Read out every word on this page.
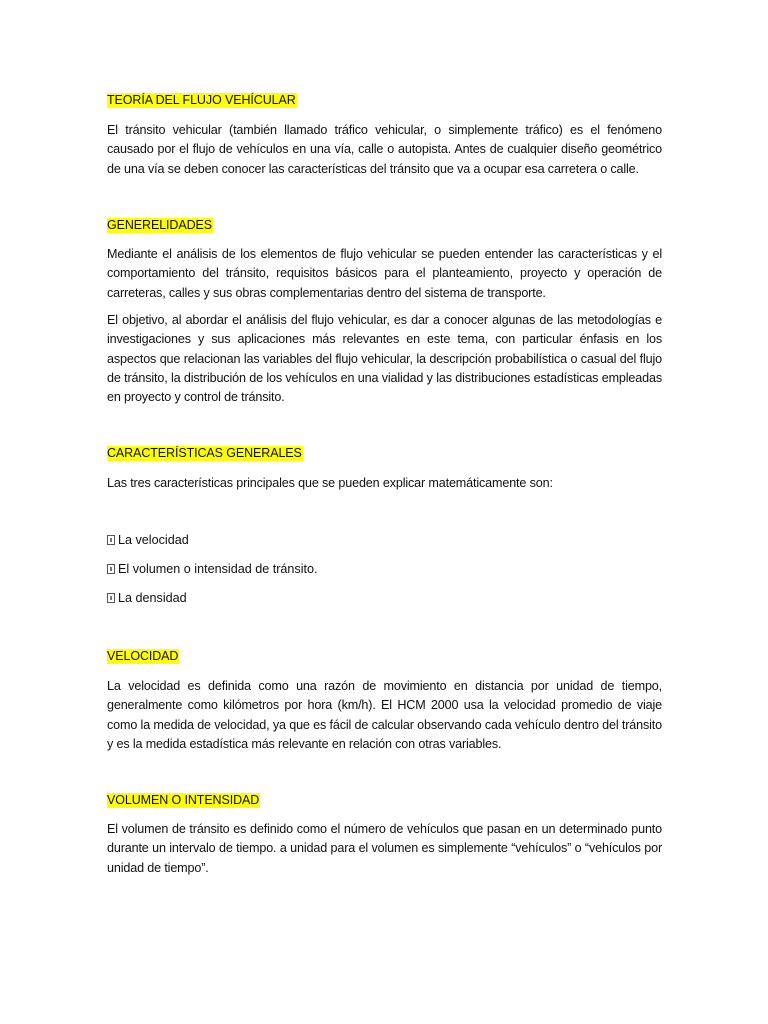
TEORÍA DEL FLUJO VEHÍCULAR

El tránsito vehicular (también llamado tráfico vehicular, o simplemente tráfico) es el fenómeno causado por el flujo de vehículos en una vía, calle o autopista. Antes de cualquier diseño geométrico de una vía se deben conocer las características del tránsito que va a ocupar esa carretera o calle.

GENERELIDADES

Mediante el análisis de los elementos de flujo vehicular se pueden entender las características y el comportamiento del tránsito, requisitos básicos para el planteamiento, proyecto y operación de carreteras, calles y sus obras complementarias dentro del sistema de transporte.

El objetivo, al abordar el análisis del flujo vehicular, es dar a conocer algunas de las metodologías e investigaciones y sus aplicaciones más relevantes en este tema, con particular énfasis en los aspectos que relacionan las variables del flujo vehicular, la descripción probabilística o casual del flujo de tránsito, la distribución de los vehículos en una vialidad y las distribuciones estadísticas empleadas en proyecto y control de tránsito.

CARACTERÍSTICAS GENERALES

Las tres características principales que se pueden explicar matemáticamente son:

La velocidad

El volumen o intensidad de tránsito.

La densidad

VELOCIDAD

La velocidad es definida como una razón de movimiento en distancia por unidad de tiempo, generalmente como kilómetros por hora (km/h). El HCM 2000 usa la velocidad promedio de viaje como la medida de velocidad, ya que es fácil de calcular observando cada vehículo dentro del tránsito y es la medida estadística más relevante en relación con otras variables.

VOLUMEN O INTENSIDAD

El volumen de tránsito es definido como el número de vehículos que pasan en un determinado punto durante un intervalo de tiempo. a unidad para el volumen es simplemente “vehículos” o “vehículos por unidad de tiempo”.
